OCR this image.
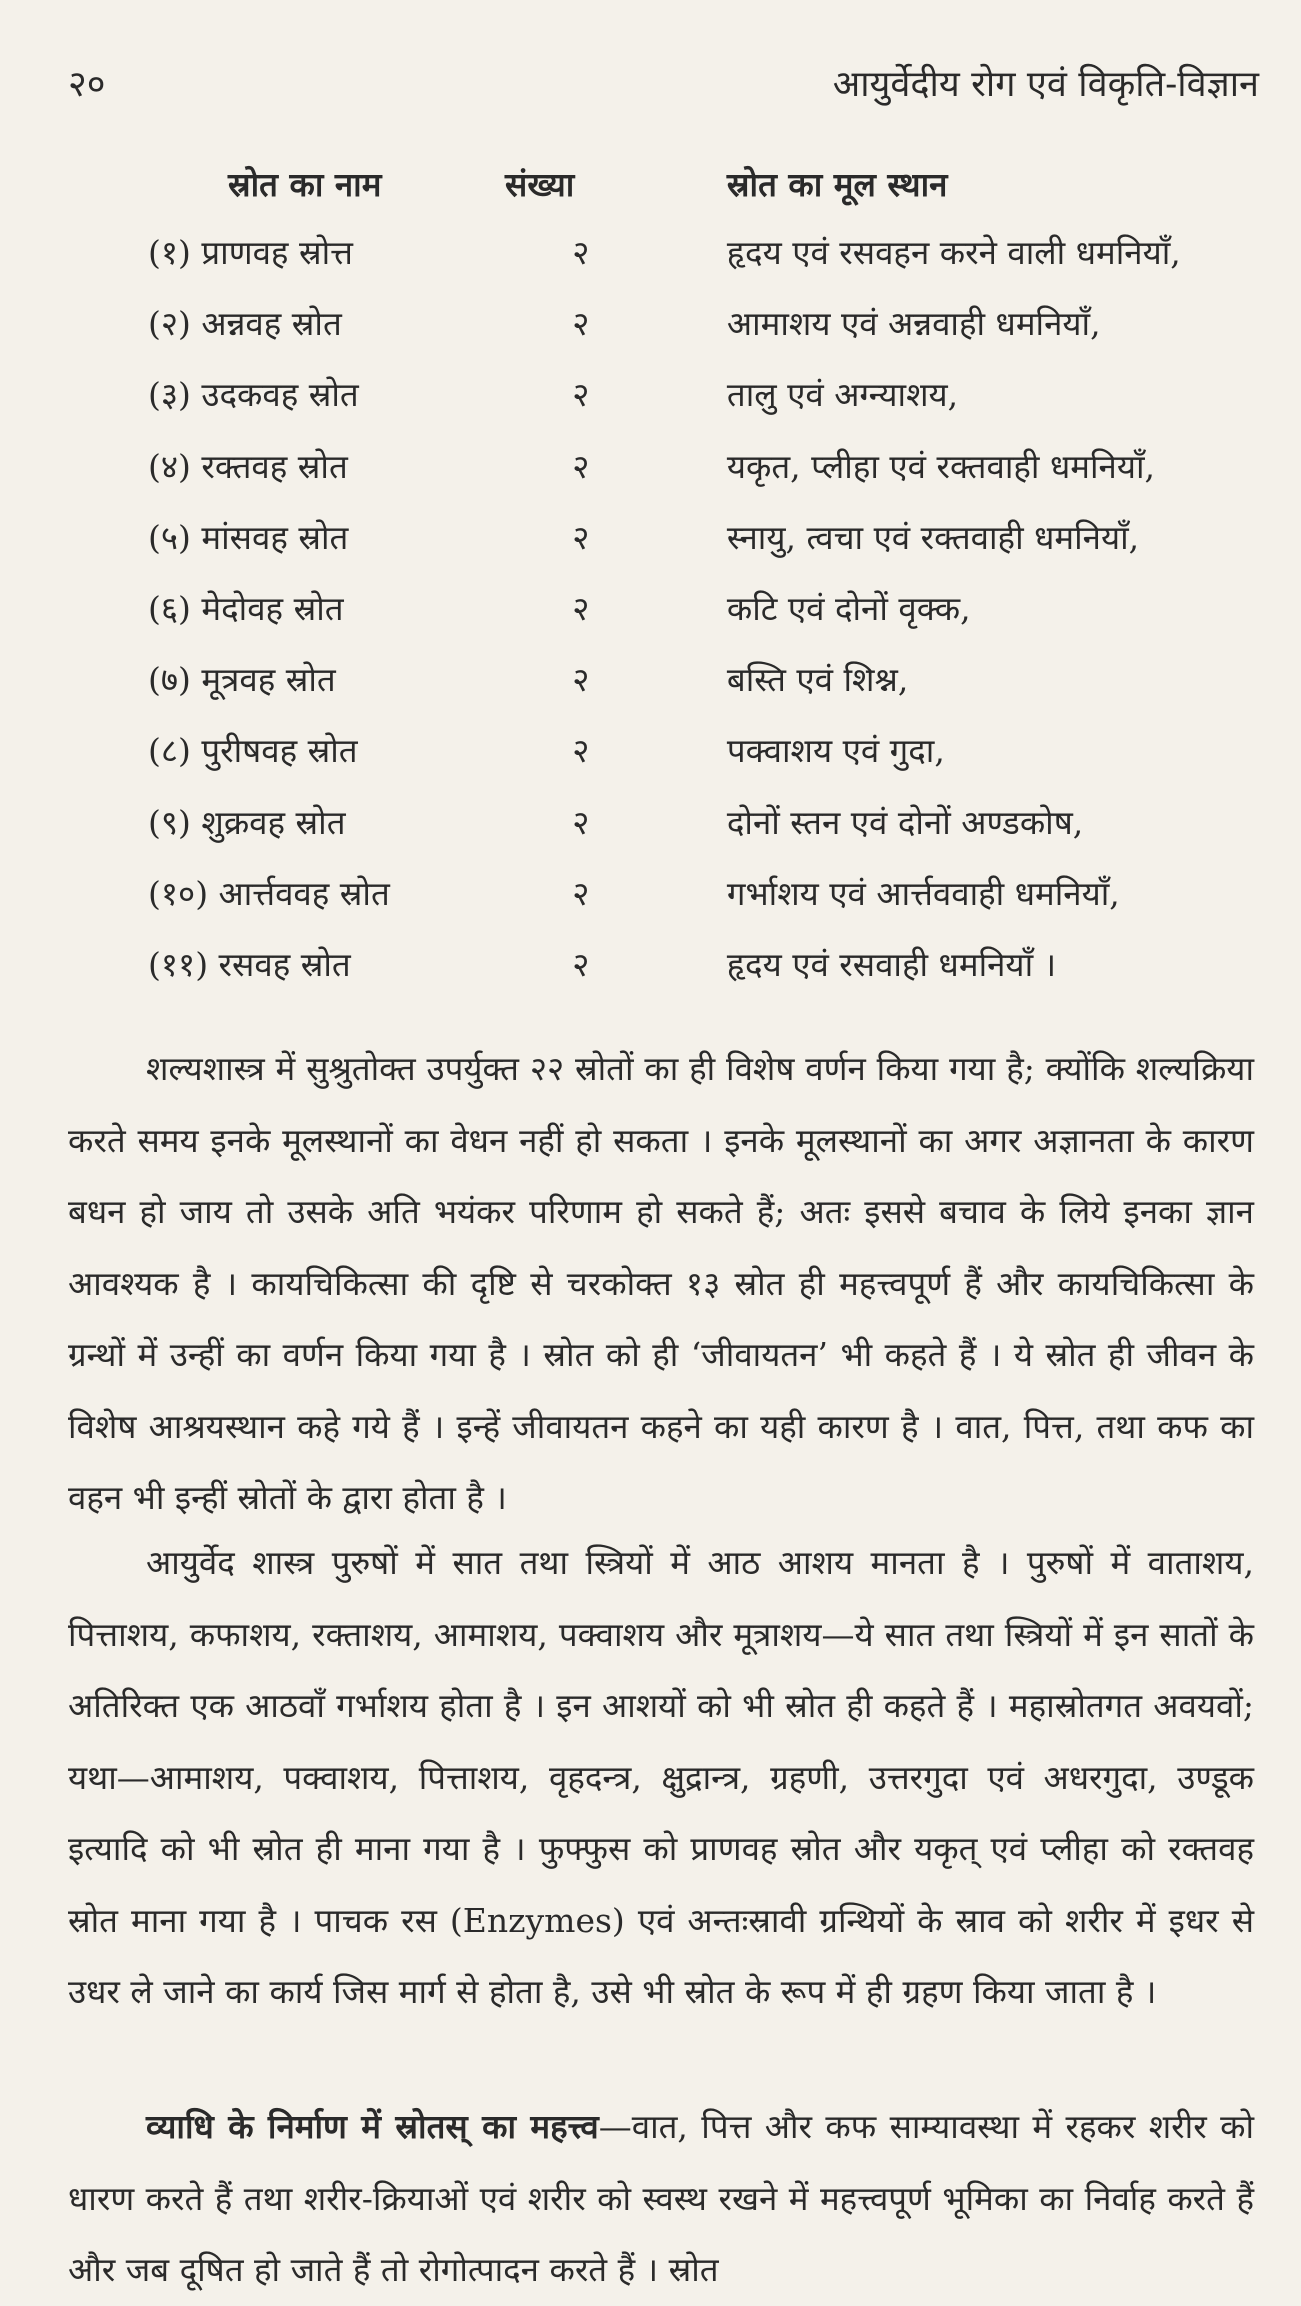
२०	आयुर्वेदीय रोग एवं विकृति-विज्ञान
स्रोत का नाम	संख्या	स्रोत का मूल स्थान
(१) प्राणवह स्रोत्त	२	हृदय एवं रसवहन करने वाली धमनियाँ,
(२) अन्नवह स्रोत	२	आमाशय एवं अन्नवाही धमनियाँ,
(३) उदकवह स्रोत	२	तालु एवं अग्न्याशय,
(४) रक्तवह स्रोत	२	यकृत, प्लीहा एवं रक्तवाही धमनियाँ,
(५) मांसवह स्रोत	२	स्नायु, त्वचा एवं रक्तवाही धमनियाँ,
(६) मेदोवह स्रोत	२	कटि एवं दोनों वृक्क,
(७) मूत्रवह स्रोत	२	बस्ति एवं शिश्न,
(८) पुरीषवह स्रोत	२	पक्वाशय एवं गुदा,
(९) शुक्रवह स्रोत	२	दोनों स्तन एवं दोनों अण्डकोष,
(१०) आर्त्तववह स्रोत	२	गर्भाशय एवं आर्त्तववाही धमनियाँ,
(११) रसवह स्रोत	२	हृदय एवं रसवाही धमनियाँ ।

शल्यशास्त्र में सुश्रुतोक्त उपर्युक्त २२ स्रोतों का ही विशेष वर्णन किया गया है; क्योंकि शल्यक्रिया करते समय इनके मूलस्थानों का वेधन नहीं हो सकता । इनके मूलस्थानों का अगर अज्ञानता के कारण बधन हो जाय तो उसके अति भयंकर परिणाम हो सकते हैं; अतः इससे बचाव के लिये इनका ज्ञान आवश्यक है । कायचिकित्सा की दृष्टि से चरकोक्त १३ स्रोत ही महत्त्वपूर्ण हैं और कायचिकित्सा के ग्रन्थों में उन्हीं का वर्णन किया गया है । स्रोत को ही ‘जीवायतन’ भी कहते हैं । ये स्रोत ही जीवन के विशेष आश्रयस्थान कहे गये हैं । इन्हें जीवायतन कहने का यही कारण है । वात, पित्त, तथा कफ का वहन भी इन्हीं स्रोतों के द्वारा होता है ।

आयुर्वेद शास्त्र पुरुषों में सात तथा स्त्रियों में आठ आशय मानता है । पुरुषों में वाताशय, पित्ताशय, कफाशय, रक्ताशय, आमाशय, पक्वाशय और मूत्राशय—ये सात तथा स्त्रियों में इन सातों के अतिरिक्त एक आठवाँ गर्भाशय होता है । इन आशयों को भी स्रोत ही कहते हैं । महास्रोतगत अवयवों; यथा—आमाशय, पक्वाशय, पित्ताशय, वृहदन्त्र, क्षुद्रान्त्र, ग्रहणी, उत्तरगुदा एवं अधरगुदा, उण्डूक इत्यादि को भी स्रोत ही माना गया है । फुफ्फुस को प्राणवह स्रोत और यकृत् एवं प्लीहा को रक्तवह स्रोत माना गया है । पाचक रस (Enzymes) एवं अन्तःस्रावी ग्रन्थियों के स्राव को शरीर में इधर से उधर ले जाने का कार्य जिस मार्ग से होता है, उसे भी स्रोत के रूप में ही ग्रहण किया जाता है ।

व्याधि के निर्माण में स्रोतस् का महत्त्व—वात, पित्त और कफ साम्यावस्था में रहकर शरीर को धारण करते हैं तथा शरीर-क्रियाओं एवं शरीर को स्वस्थ रखने में महत्त्वपूर्ण भूमिका का निर्वाह करते हैं और जब दूषित हो जाते हैं तो रोगोत्पादन करते हैं । स्रोत
